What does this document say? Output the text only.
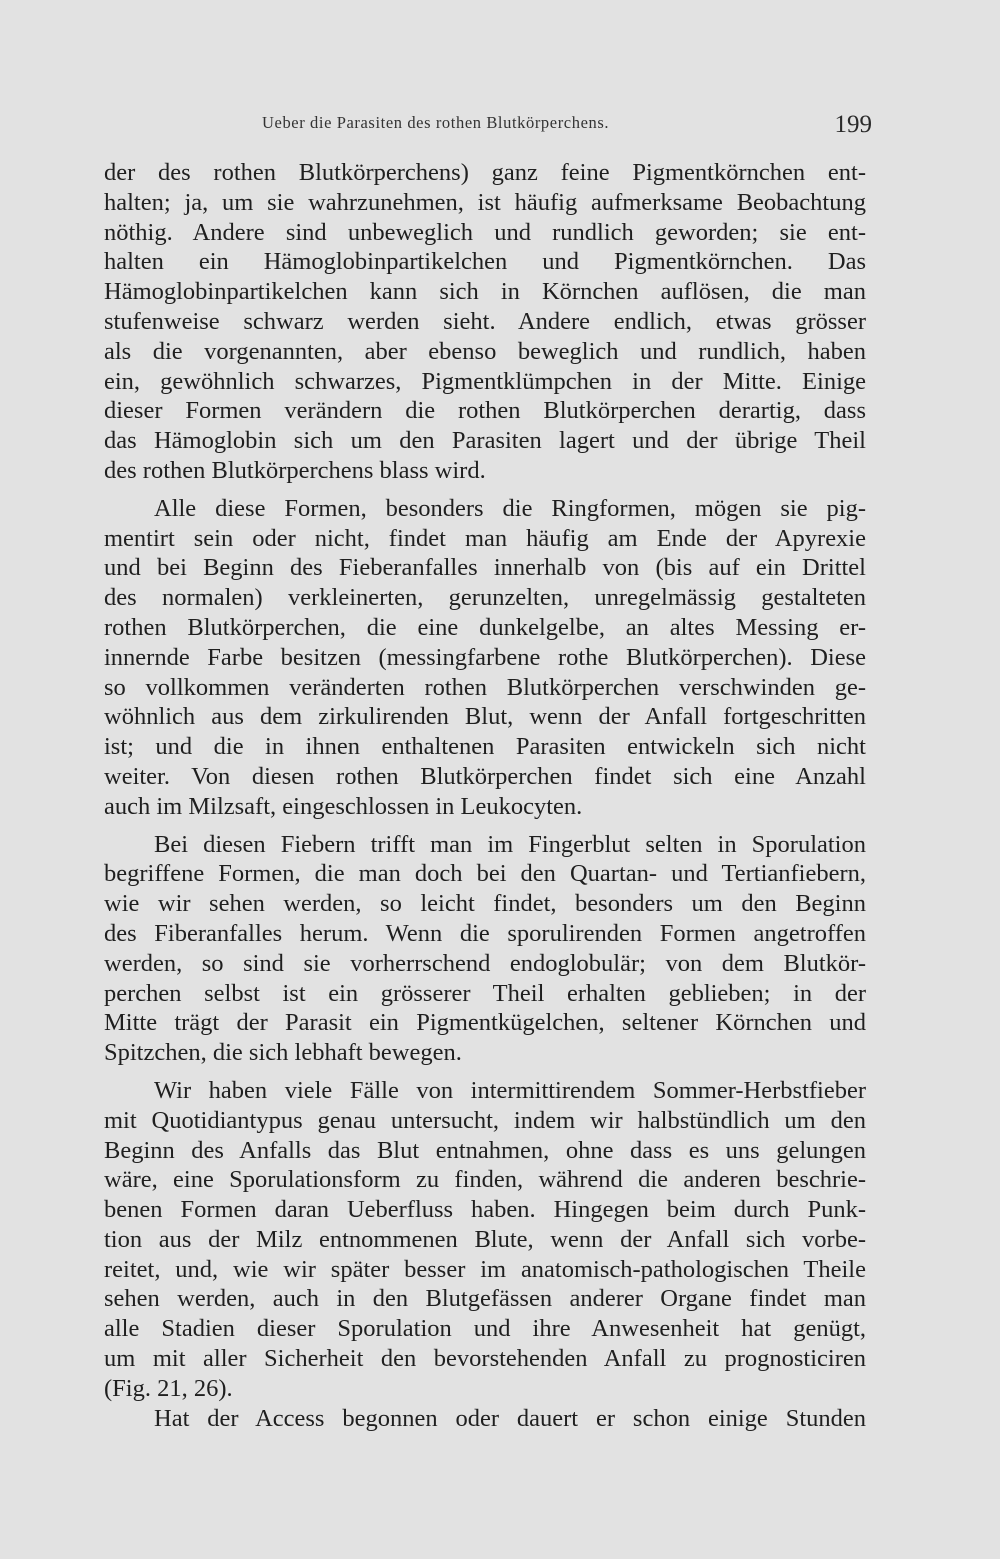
Ueber die Parasiten des rothen Blutkörperchens.	199
der des rothen Blutkörperchens) ganz feine Pigmentkörnchen ent-
halten; ja, um sie wahrzunehmen, ist häufig aufmerksame Beobachtung
nöthig. Andere sind unbeweglich und rundlich geworden; sie ent-
halten ein Hämoglobinpartikelchen und Pigmentkörnchen. Das
Hämoglobinpartikelchen kann sich in Körnchen auflösen, die man
stufenweise schwarz werden sieht. Andere endlich, etwas grösser
als die vorgenannten, aber ebenso beweglich und rundlich, haben
ein, gewöhnlich schwarzes, Pigmentklümpchen in der Mitte. Einige
dieser Formen verändern die rothen Blutkörperchen derartig, dass
das Hämoglobin sich um den Parasiten lagert und der übrige Theil
des rothen Blutkörperchens blass wird.
Alle diese Formen, besonders die Ringformen, mögen sie pig-
mentirt sein oder nicht, findet man häufig am Ende der Apyrexie
und bei Beginn des Fieberanfalles innerhalb von (bis auf ein Drittel
des normalen) verkleinerten, gerunzelten, unregelmässig gestalteten
rothen Blutkörperchen, die eine dunkelgelbe, an altes Messing er-
innernde Farbe besitzen (messingfarbene rothe Blutkörperchen). Diese
so vollkommen veränderten rothen Blutkörperchen verschwinden ge-
wöhnlich aus dem zirkulirenden Blut, wenn der Anfall fortgeschritten
ist; und die in ihnen enthaltenen Parasiten entwickeln sich nicht
weiter. Von diesen rothen Blutkörperchen findet sich eine Anzahl
auch im Milzsaft, eingeschlossen in Leukocyten.
Bei diesen Fiebern trifft man im Fingerblut selten in Sporulation
begriffene Formen, die man doch bei den Quartan- und Tertianfiebern,
wie wir sehen werden, so leicht findet, besonders um den Beginn
des Fiberanfalles herum. Wenn die sporulirenden Formen angetroffen
werden, so sind sie vorherrschend endoglobulär; von dem Blutkör-
perchen selbst ist ein grösserer Theil erhalten geblieben; in der
Mitte trägt der Parasit ein Pigmentkügelchen, seltener Körnchen und
Spitzchen, die sich lebhaft bewegen.
Wir haben viele Fälle von intermittirendem Sommer-Herbstfieber
mit Quotidiantypus genau untersucht, indem wir halbstündlich um den
Beginn des Anfalls das Blut entnahmen, ohne dass es uns gelungen
wäre, eine Sporulationsform zu finden, während die anderen beschrie-
benen Formen daran Ueberfluss haben. Hingegen beim durch Punk-
tion aus der Milz entnommenen Blute, wenn der Anfall sich vorbe-
reitet, und, wie wir später besser im anatomisch-pathologischen Theile
sehen werden, auch in den Blutgefässen anderer Organe findet man
alle Stadien dieser Sporulation und ihre Anwesenheit hat genügt,
um mit aller Sicherheit den bevorstehenden Anfall zu prognosticiren
(Fig. 21, 26).
Hat der Access begonnen oder dauert er schon einige Stunden
